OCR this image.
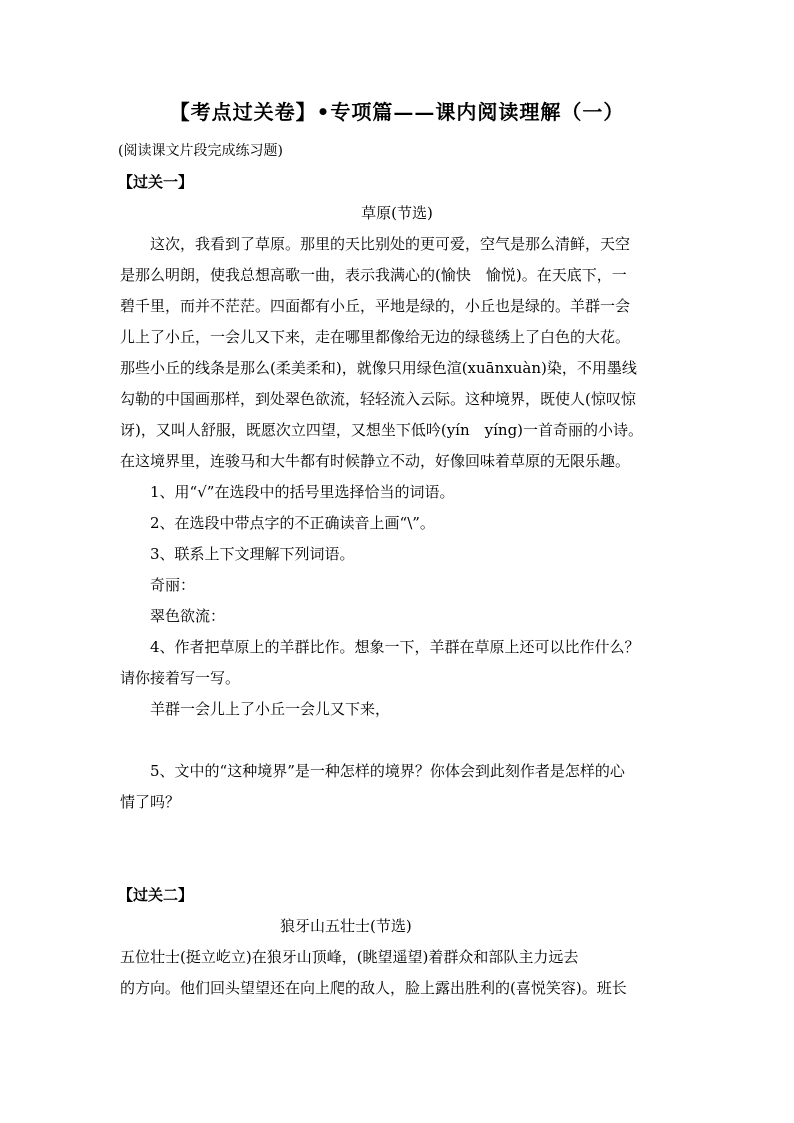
【考点过关卷】•专项篇——课内阅读理解（一）
(阅读课文片段完成练习题)
【过关一】
草原(节选)
这次，我看到了草原。那里的天比别处的更可爱，空气是那么清鲜，天空
是那么明朗，使我总想高歌一曲，表示我满心的(愉快　愉悦)。在天底下，一
碧千里，而并不茫茫。四面都有小丘，平地是绿的，小丘也是绿的。羊群一会
儿上了小丘，一会儿又下来，走在哪里都像给无边的绿毯绣上了白色的大花。
那些小丘的线条是那么(柔美柔和)，就像只用绿色渲(xuānxuàn)染，不用墨线
勾勒的中国画那样，到处翠色欲流，轻轻流入云际。这种境界，既使人(惊叹惊
讶)，又叫人舒服，既愿次立四望，又想坐下低吟(yín　yíng)一首奇丽的小诗。
在这境界里，连骏马和大牛都有时候静立不动，好像回味着草原的无限乐趣。
1、用“√”在选段中的括号里选择恰当的词语。
2、在选段中带点字的不正确读音上画“\”。
3、联系上下文理解下列词语。
奇丽：
翠色欲流：
4、作者把草原上的羊群比作。想象一下，羊群在草原上还可以比作什么？
请你接着写一写。
羊群一会儿上了小丘一会儿又下来，
5、文中的“这种境界”是一种怎样的境界？你体会到此刻作者是怎样的心
情了吗？
【过关二】
狼牙山五壮士(节选)
五位壮士(挺立屹立)在狼牙山顶峰，(眺望遥望)着群众和部队主力远去
的方向。他们回头望望还在向上爬的敌人，脸上露出胜利的(喜悦笑容)。班长
